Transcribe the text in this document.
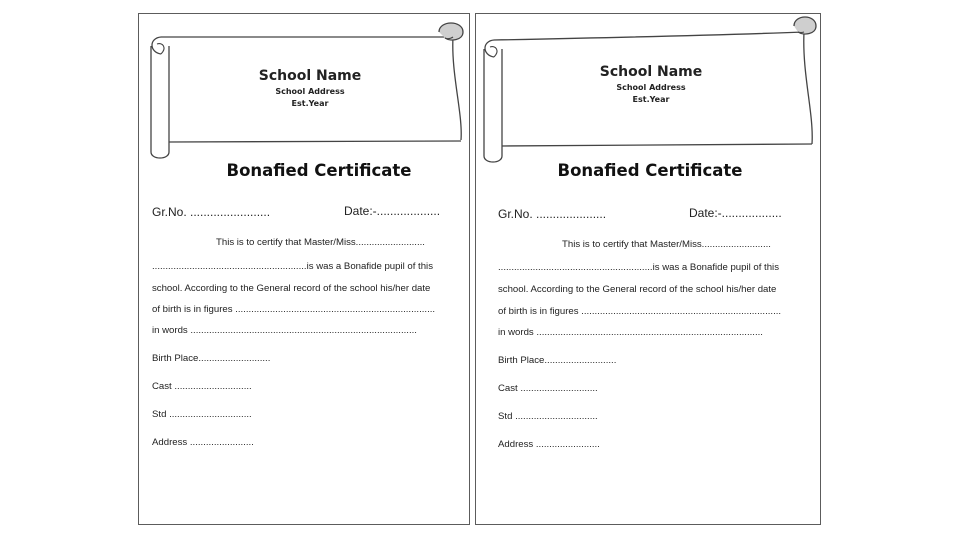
School Name
School Address
Est.Year
Bonafied Certificate
Gr.No. ........................	Date:-...................
This is to certify that Master/Miss..........................
..........................................................is was a Bonafide pupil of this
school. According to the General record of the school his/her date
of birth is in figures ...........................................................................
in words .....................................................................................
Birth Place...........................
Cast .............................
Std ...............................
Address ........................
School Name
School Address
Est.Year
Bonafied Certificate
Gr.No. .....................	Date:-..................
This is to certify that Master/Miss..........................
..........................................................is was a Bonafide pupil of this
school. According to the General record of the school his/her date
of birth is in figures ...........................................................................
in words .....................................................................................
Birth Place...........................
Cast .............................
Std ...............................
Address ........................
